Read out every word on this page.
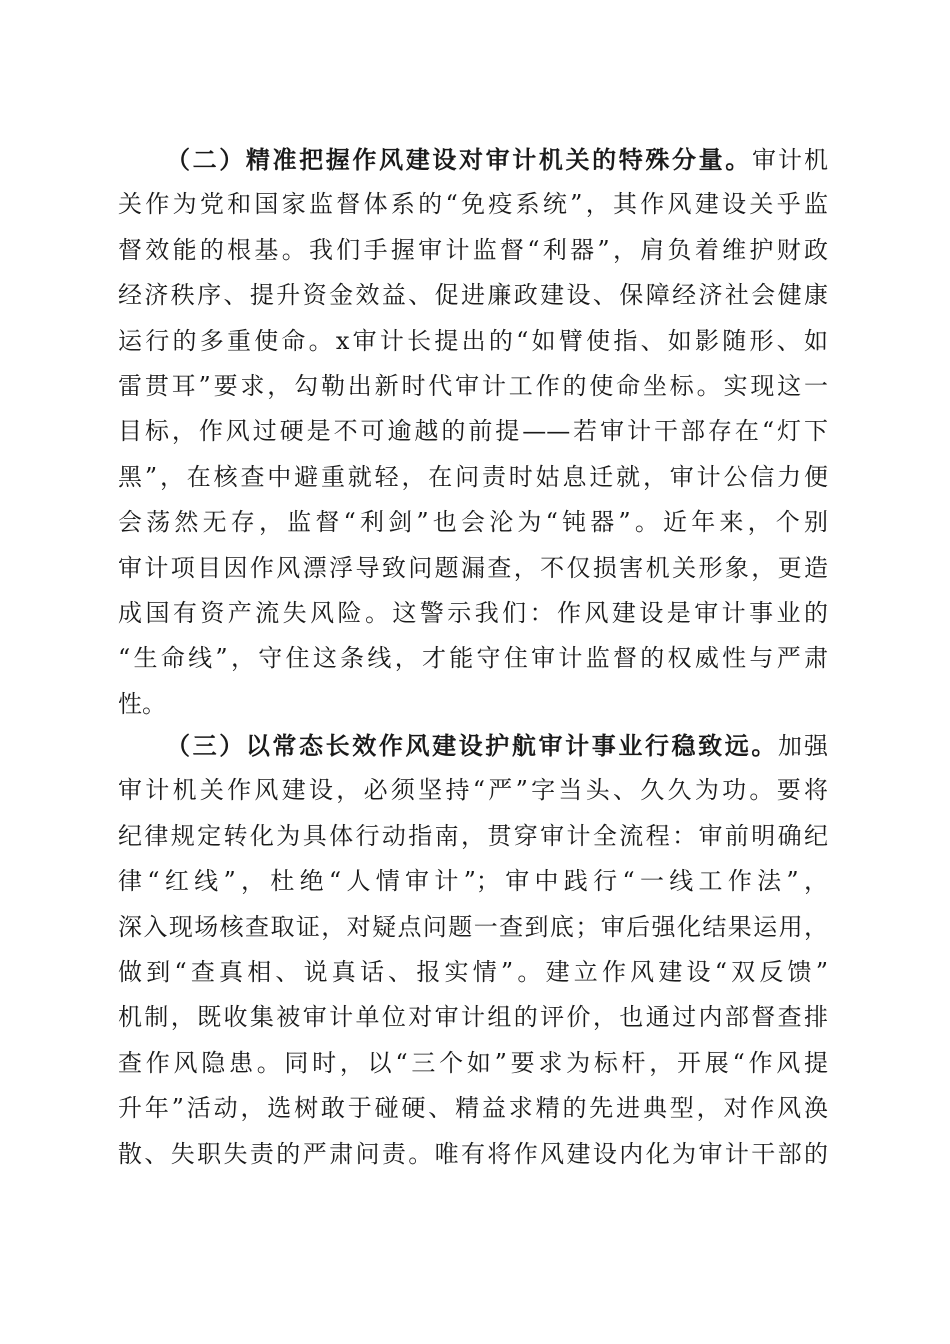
（二）精准把握作风建设对审计机关的特殊分量。审计机
关作为党和国家监督体系的“免疫系统”，其作风建设关乎监
督效能的根基。我们手握审计监督“利器”，肩负着维护财政
经济秩序、提升资金效益、促进廉政建设、保障经济社会健康
运行的多重使命。x审计长提出的“如臂使指、如影随形、如
雷贯耳”要求，勾勒出新时代审计工作的使命坐标。实现这一
目标，作风过硬是不可逾越的前提——若审计干部存在“灯下
黑”，在核查中避重就轻，在问责时姑息迁就，审计公信力便
会荡然无存，监督“利剑”也会沦为“钝器”。近年来，个别
审计项目因作风漂浮导致问题漏查，不仅损害机关形象，更造
成国有资产流失风险。这警示我们：作风建设是审计事业的
“生命线”，守住这条线，才能守住审计监督的权威性与严肃
性。
（三）以常态长效作风建设护航审计事业行稳致远。加强
审计机关作风建设，必须坚持“严”字当头、久久为功。要将
纪律规定转化为具体行动指南，贯穿审计全流程：审前明确纪
律“红线”，杜绝“人情审计”；审中践行“一线工作法”，
深入现场核查取证，对疑点问题一查到底；审后强化结果运用，
做到“查真相、说真话、报实情”。建立作风建设“双反馈”
机制，既收集被审计单位对审计组的评价，也通过内部督查排
查作风隐患。同时，以“三个如”要求为标杆，开展“作风提
升年”活动，选树敢于碰硬、精益求精的先进典型，对作风涣
散、失职失责的严肃问责。唯有将作风建设内化为审计干部的
